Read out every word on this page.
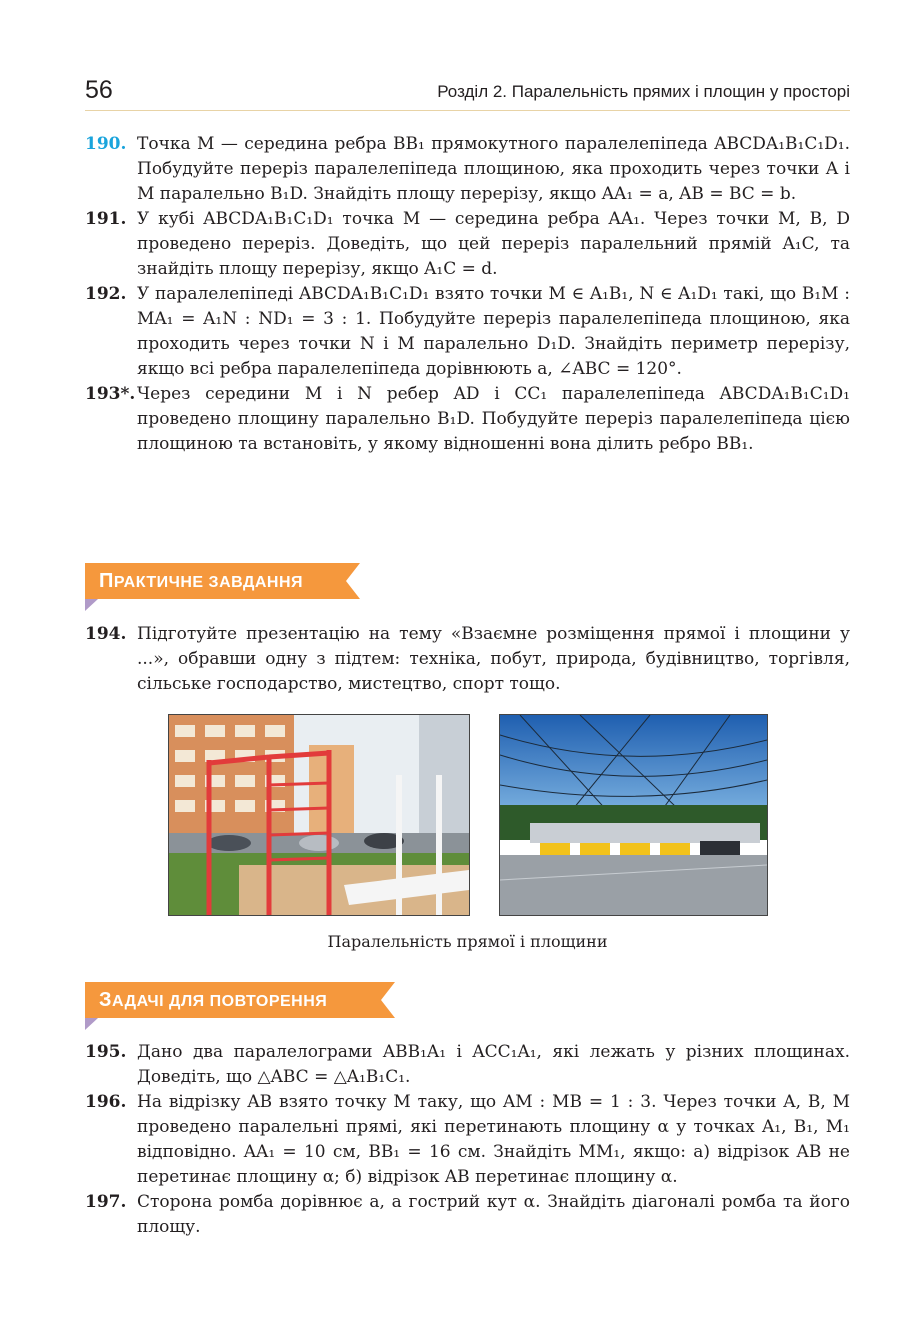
56	Розділ 2. Паралельність прямих і площин у просторі

190. Точка M — середина ребра BB₁ прямокутного паралелепіпеда ABCDA₁B₁C₁D₁. Побудуйте переріз паралелепіпеда площиною, яка проходить через точки A і M паралельно B₁D. Знайдіть площу перерізу, якщо AA₁ = a, AB = BC = b.

191. У кубі ABCDA₁B₁C₁D₁ точка M — середина ребра AA₁. Через точки M, B, D проведено переріз. Доведіть, що цей переріз паралельний прямій A₁C, та знайдіть площу перерізу, якщо A₁C = d.

192. У паралелепіпеді ABCDA₁B₁C₁D₁ взято точки M ∈ A₁B₁, N ∈ A₁D₁ такі, що B₁M : MA₁ = A₁N : ND₁ = 3 : 1. Побудуйте переріз паралелепіпеда площиною, яка проходить через точки N і M паралельно D₁D. Знайдіть периметр перерізу, якщо всі ребра паралелепіпеда дорівнюють a, ∠ABC = 120°.

193*. Через середини M і N ребер AD і CC₁ паралелепіпеда ABCDA₁B₁C₁D₁ проведено площину паралельно B₁D. Побудуйте переріз паралелепіпеда цією площиною та встановіть, у якому відношенні вона ділить ребро BB₁.

ПРАКТИЧНЕ ЗАВДАННЯ

194. Підготуйте презентацію на тему «Взаємне розміщення прямої і площини у ...», обравши одну з підтем: техніка, побут, природа, будівництво, торгівля, сільське господарство, мистецтво, спорт тощо.

Паралельність прямої і площини
ЗАДАЧІ ДЛЯ ПОВТОРЕННЯ

195. Дано два паралелограми ABB₁A₁ і ACC₁A₁, які лежать у різних площинах. Доведіть, що △ABC = △A₁B₁C₁.

196. На відрізку AB взято точку M таку, що AM : MB = 1 : 3. Через точки A, B, M проведено паралельні прямі, які перетинають площину α у точках A₁, B₁, M₁ відповідно. AA₁ = 10 см, BB₁ = 16 см. Знайдіть MM₁, якщо: а) відрізок AB не перетинає площину α; б) відрізок AB перетинає площину α.

197. Сторона ромба дорівнює a, а гострий кут α. Знайдіть діагоналі ромба та його площу.
